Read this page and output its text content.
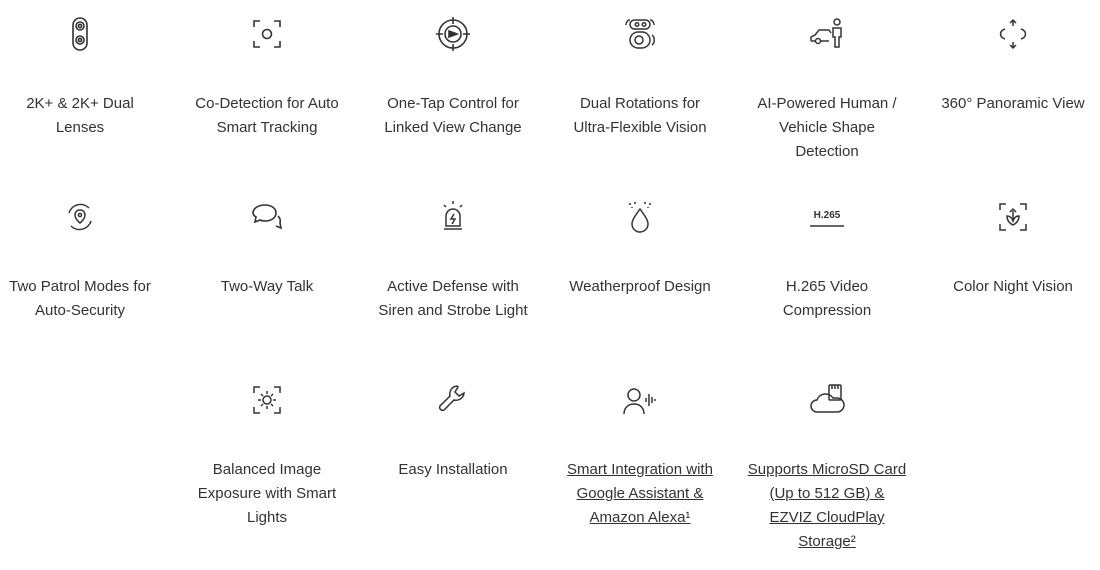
2K+ & 2K+ Dual Lenses
Co-Detection for Auto Smart Tracking
One-Tap Control for Linked View Change
Dual Rotations for Ultra-Flexible Vision
AI-Powered Human / Vehicle Shape Detection
360° Panoramic View
Two Patrol Modes for Auto-Security
Two-Way Talk	Active Defense with Siren and Strobe Light
Weatherproof Design
H.265
H.265 Video Compression
Color Night Vision
Balanced Image Exposure with Smart Lights
Easy Installation	Smart Integration with Google Assistant & Amazon Alexa¹
Supports MicroSD Card (Up to 512 GB) & EZVIZ CloudPlay Storage²
